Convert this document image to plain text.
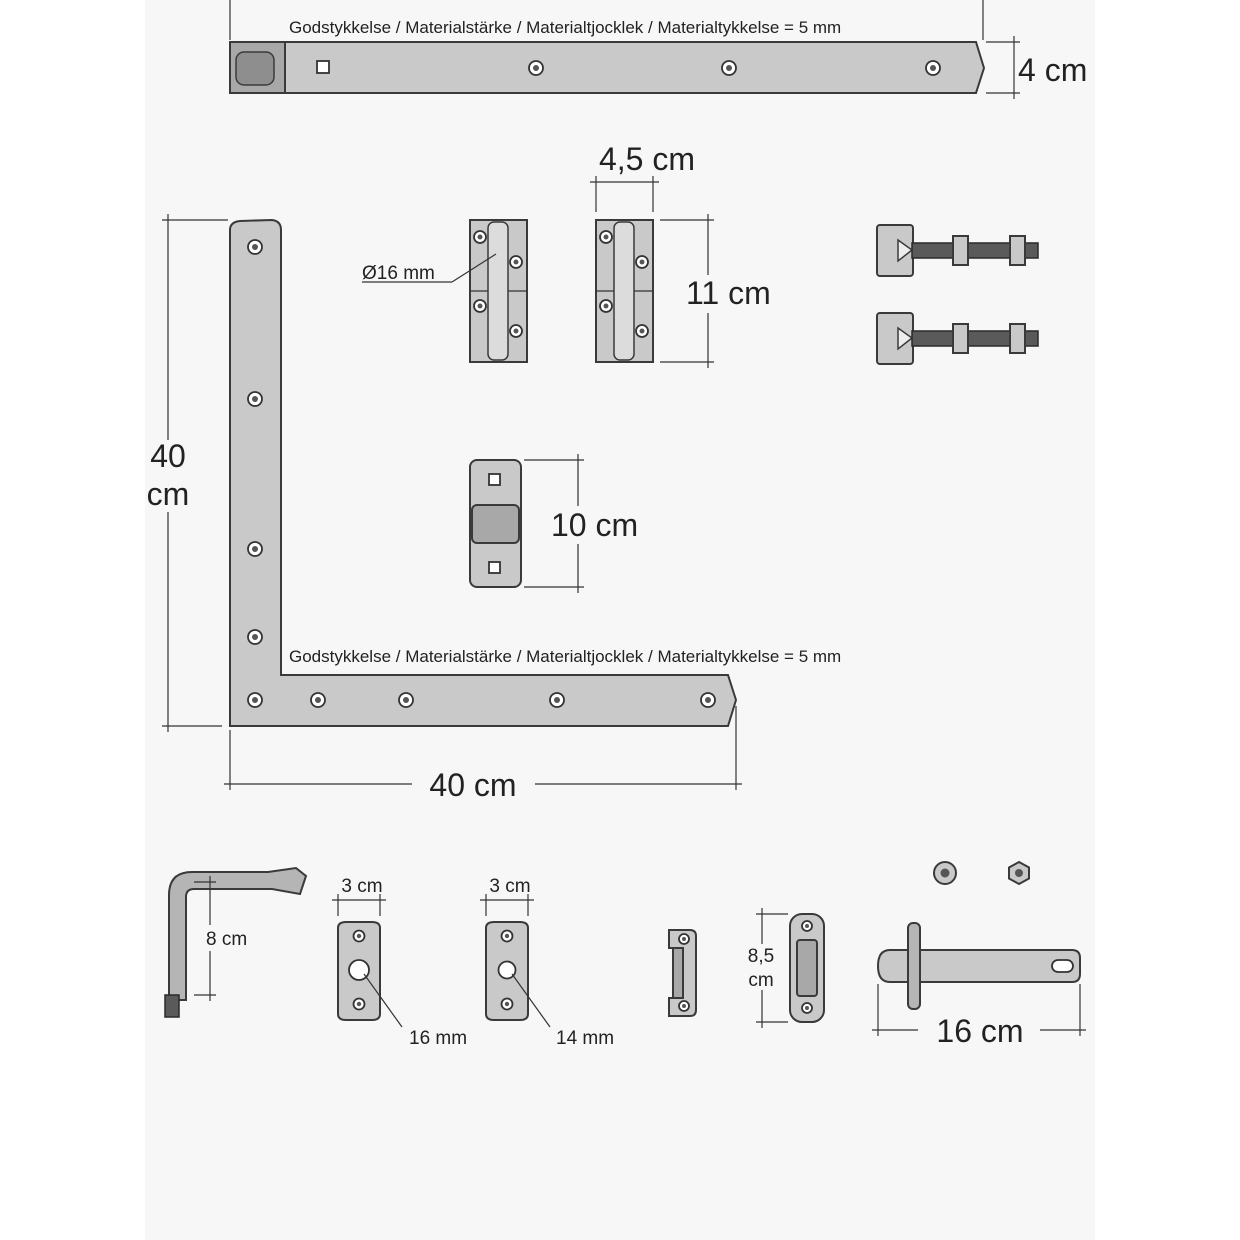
Godstykkelse / Materialstärke / Materialtjocklek / Materialtykkelse = 5 mm
4 cm
Godstykkelse / Materialstärke / Materialtjocklek / Materialtykkelse = 5 mm
40
cm
40 cm
Ø16 mm
4,5 cm
11 cm
10 cm
8 cm
3 cm
16 mm
3 cm
14 mm
8,5
cm
16 cm
